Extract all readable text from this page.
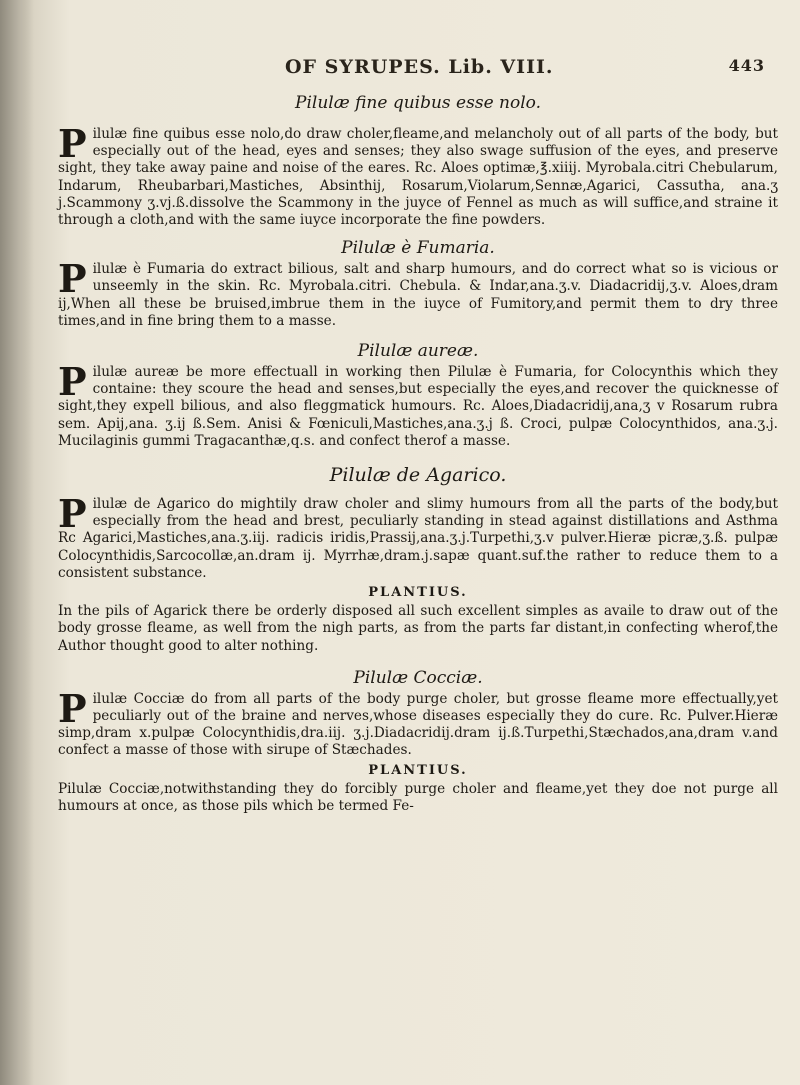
OF SYRUPES. Lib. VIII.	443
Pilulæ fine quibus esse nolo.

Pilulæ fine quibus esse nolo,do draw choler,fleame,and melancholy out of all parts of the body, but especially out of the head, eyes and senses; they also swage suffusion of the eyes, and preserve sight, they take away paine and noise of the eares. Rc. Aloes optimæ,℥.xiiij. Myrobala.citri Chebularum, Indarum, Rheubarbari,Mastiches, Absinthij, Rosarum,Violarum,Sennæ,Agarici, Cassutha, ana.ʒ j.Scammony ʒ.vj.ß.dissolve the Scammony in the juyce of Fennel as much as will suffice,and straine it through a cloth,and with the same iuyce incorporate the fine powders.

Pilulæ è Fumaria.

Pilulæ è Fumaria do extract bilious, salt and sharp humours, and do correct what so is vicious or unseemly in the skin. Rc. Myrobala.citri. Chebula. & Indar,ana.ʒ.v. Diadacridij,ʒ.v. Aloes,dram ij,When all these be bruised,imbrue them in the iuyce of Fumitory,and permit them to dry three times,and in fine bring them to a masse.

Pilulæ aureæ.

Pilulæ aureæ be more effectuall in working then Pilulæ è Fumaria, for Colocynthis which they containe: they scoure the head and senses,but especially the eyes,and recover the quicknesse of sight,they expell bilious, and also fleggmatick humours. Rc. Aloes,Diadacridij,ana,ʒ v Rosarum rubra sem. Apij,ana. ʒ.ij ß.Sem. Anisi & Fœniculi,Mastiches,ana.ʒ.j ß. Croci, pulpæ Colocynthidos, ana.ʒ.j. Mucilaginis gummi Tragacanthæ,q.s. and confect therof a masse.

Pilulæ de Agarico.

Pilulæ de Agarico do mightily draw choler and slimy humours from all the parts of the body,but especially from the head and brest, peculiarly standing in stead against distillations and Asthma Rc Agarici,Mastiches,ana.ʒ.iij. radicis iridis,Prassij,ana.ʒ.j.Turpethi,ʒ.v pulver.Hieræ picræ,ʒ.ß. pulpæ Colocynthidis,Sarcocollæ,an.dram ij. Myrrhæ,dram.j.sapæ quant.suf.the rather to reduce them to a consistent substance.

PLANTIUS.

In the pils of Agarick there be orderly disposed all such excellent simples as availe to draw out of the body grosse fleame, as well from the nigh parts, as from the parts far distant,in confecting wherof,the Author thought good to alter nothing.

Pilulæ Cocciæ.

Pilulæ Cocciæ do from all parts of the body purge choler, but grosse fleame more effectually,yet peculiarly out of the braine and nerves,whose diseases especially they do cure. Rc. Pulver.Hieræ simp,dram x.pulpæ Colocynthidis,dra.iij. ʒ.j.Diadacridij.dram ij.ß.Turpethi,Stæchados,ana,dram v.and confect a masse of those with sirupe of Stæchades.

PLANTIUS.

Pilulæ Cocciæ,notwithstanding they do forcibly purge choler and fleame,yet they doe not purge all humours at once, as those pils which be termed Fe-
